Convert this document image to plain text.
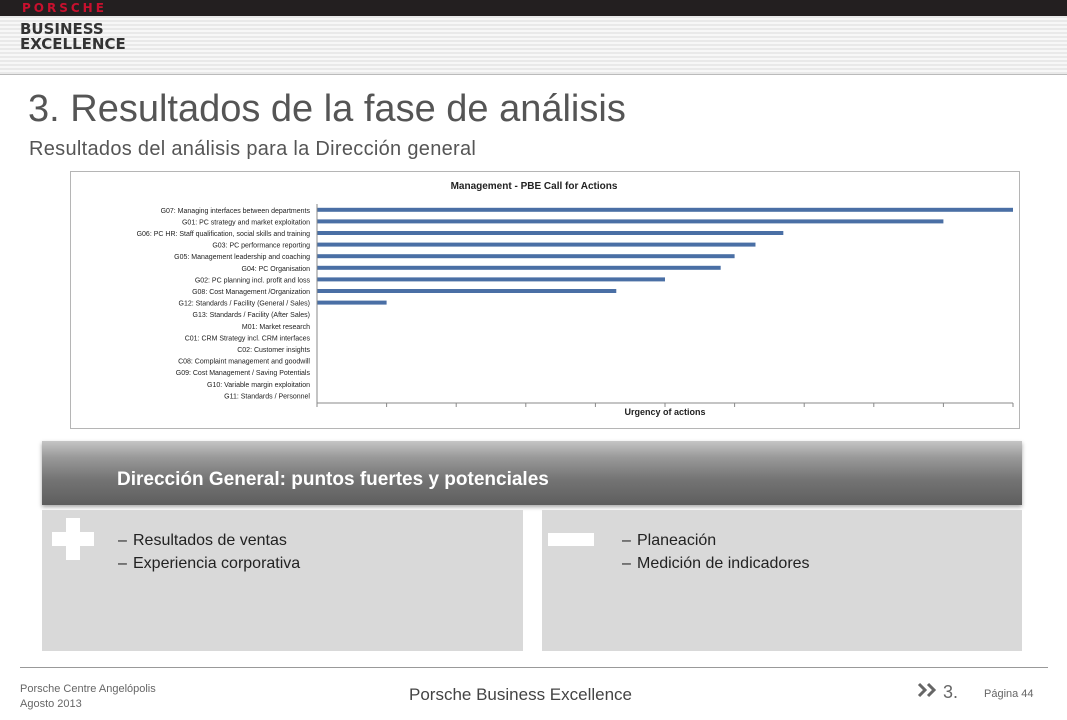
PORSCHE
BUSINESS
EXCELLENCE
3. Resultados de la fase de análisis
Resultados del análisis para la Dirección general
Management - PBE Call for Actions
G07: Managing interfaces between departments
G01: PC strategy and market exploitation
G06: PC HR: Staff qualification, social skills and training
G03: PC performance reporting
G05: Management leadership and coaching
G04: PC Organisation
G02: PC planning incl. profit and loss
G08: Cost Management /Organization
G12: Standards / Facility (General / Sales)
G13: Standards / Facility (After Sales)
M01: Market research
C01: CRM Strategy incl. CRM interfaces
C02: Customer insights
C08: Complaint management and goodwill
G09: Cost Management / Saving Potentials
G10: Variable margin exploitation
G11: Standards / Personnel
Urgency of actions
Dirección General: puntos fuertes y potenciales
– Resultados de ventas
– Experiencia corporativa
– Planeación
– Medición de indicadores
Porsche Centre Angelópolis
Agosto 2013	Porsche Business Excellence	3. Página 44
